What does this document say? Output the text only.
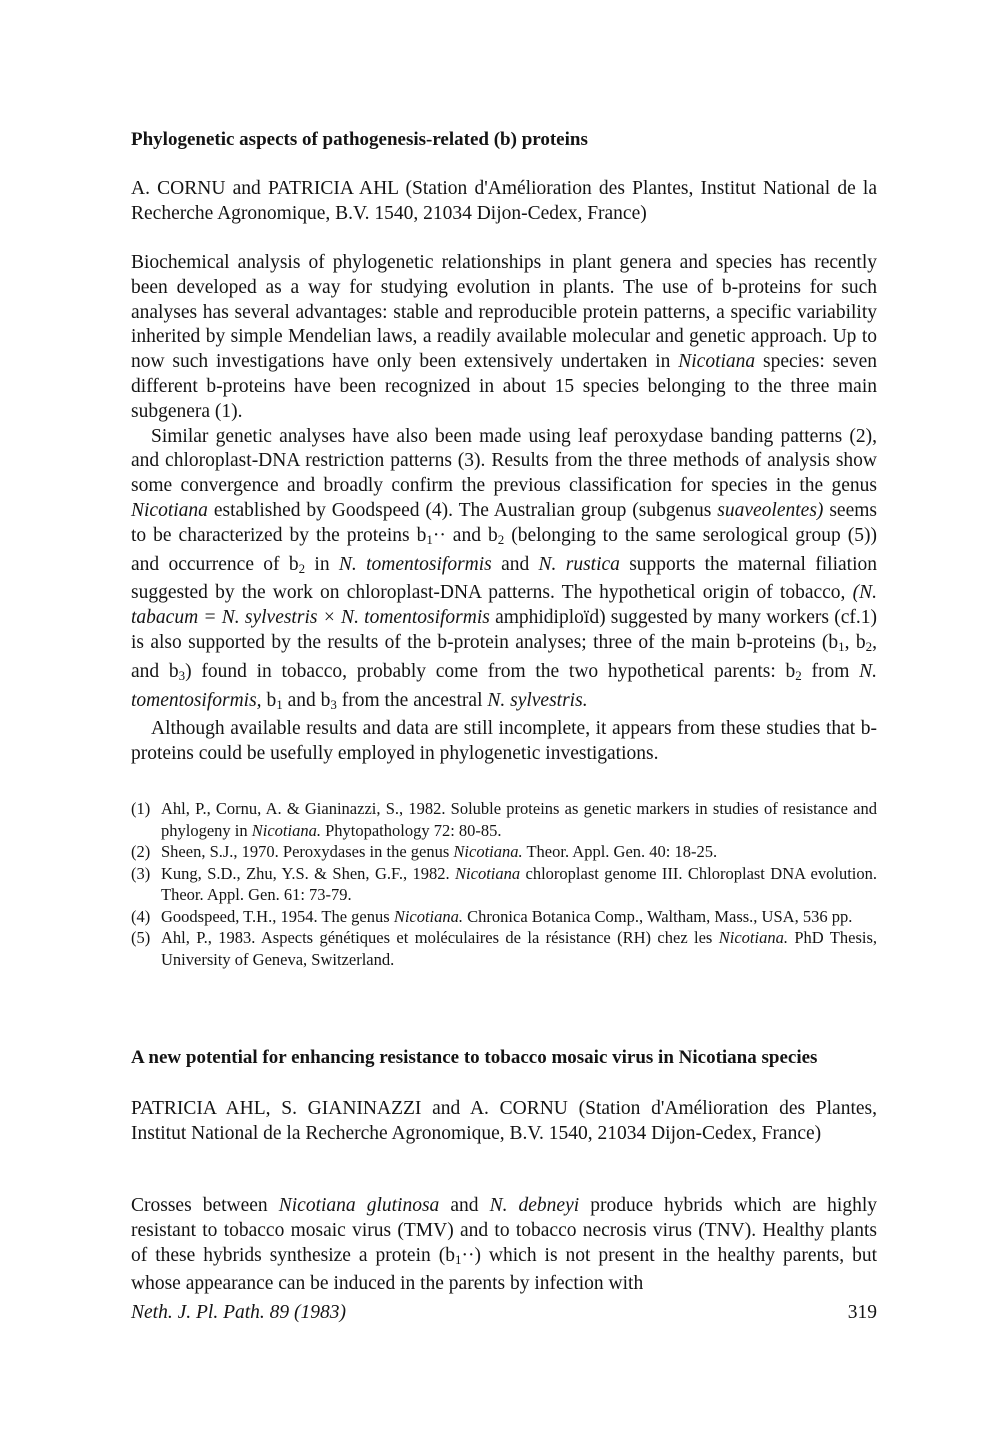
Phylogenetic aspects of pathogenesis-related (b) proteins
A. CORNU and PATRICIA AHL (Station d'Amélioration des Plantes, Institut National de la Recherche Agronomique, B.V. 1540, 21034 Dijon-Cedex, France)

Biochemical analysis of phylogenetic relationships in plant genera and species has recently been developed as a way for studying evolution in plants. The use of b-proteins for such analyses has several advantages: stable and reproducible protein patterns, a specific variability inherited by simple Mendelian laws, a readily available molecular and genetic approach. Up to now such investigations have only been extensively undertaken in Nicotiana species: seven different b-proteins have been recognized in about 15 species belonging to the three main subgenera (1).

Similar genetic analyses have also been made using leaf peroxydase banding patterns (2), and chloroplast-DNA restriction patterns (3). Results from the three methods of analysis show some convergence and broadly confirm the previous classification for species in the genus Nicotiana established by Goodspeed (4). The Australian group (subgenus suaveolentes) seems to be characterized by the proteins $b_1\cdot\cdot$ and $b_2$ (belonging to the same serological group (5)) and occurrence of $b_2$ in N. tomentosiformis and N. rustica supports the maternal filiation suggested by the work on chloroplast-DNA patterns. The hypothetical origin of tobacco, (N. tabacum = N. sylvestris × N. tomentosiformis amphidiploïd) suggested by many workers (cf.1) is also supported by the results of the b-protein analyses; three of the main b-proteins ($b_1$, $b_2$, and $b_3$) found in tobacco, probably come from the two hypothetical parents: $b_2$ from N. tomentosiformis, $b_1$ and $b_3$ from the ancestral N. sylvestris.

Although available results and data are still incomplete, it appears from these studies that b-proteins could be usefully employed in phylogenetic investigations.

(1) Ahl, P., Cornu, A. & Gianinazzi, S., 1982. Soluble proteins as genetic markers in studies of resistance and phylogeny in Nicotiana. Phytopathology 72: 80-85.
(2) Sheen, S.J., 1970. Peroxydases in the genus Nicotiana. Theor. Appl. Gen. 40: 18-25.
(3) Kung, S.D., Zhu, Y.S. & Shen, G.F., 1982. Nicotiana chloroplast genome III. Chloroplast DNA evolution. Theor. Appl. Gen. 61: 73-79.
(4) Goodspeed, T.H., 1954. The genus Nicotiana. Chronica Botanica Comp., Waltham, Mass., USA, 536 pp.
(5) Ahl, P., 1983. Aspects génétiques et moléculaires de la résistance (RH) chez les Nicotiana. PhD Thesis, University of Geneva, Switzerland.
A new potential for enhancing resistance to tobacco mosaic virus in Nicotiana species
PATRICIA AHL, S. GIANINAZZI and A. CORNU (Station d'Amélioration des Plantes, Institut National de la Recherche Agronomique, B.V. 1540, 21034 Dijon-Cedex, France)

Crosses between Nicotiana glutinosa and N. debneyi produce hybrids which are highly resistant to tobacco mosaic virus (TMV) and to tobacco necrosis virus (TNV). Healthy plants of these hybrids synthesize a protein $(b_1\cdot\cdot)$ which is not present in the healthy parents, but whose appearance can be induced in the parents by infection with

Neth. J. Pl. Path. 89 (1983)	319
